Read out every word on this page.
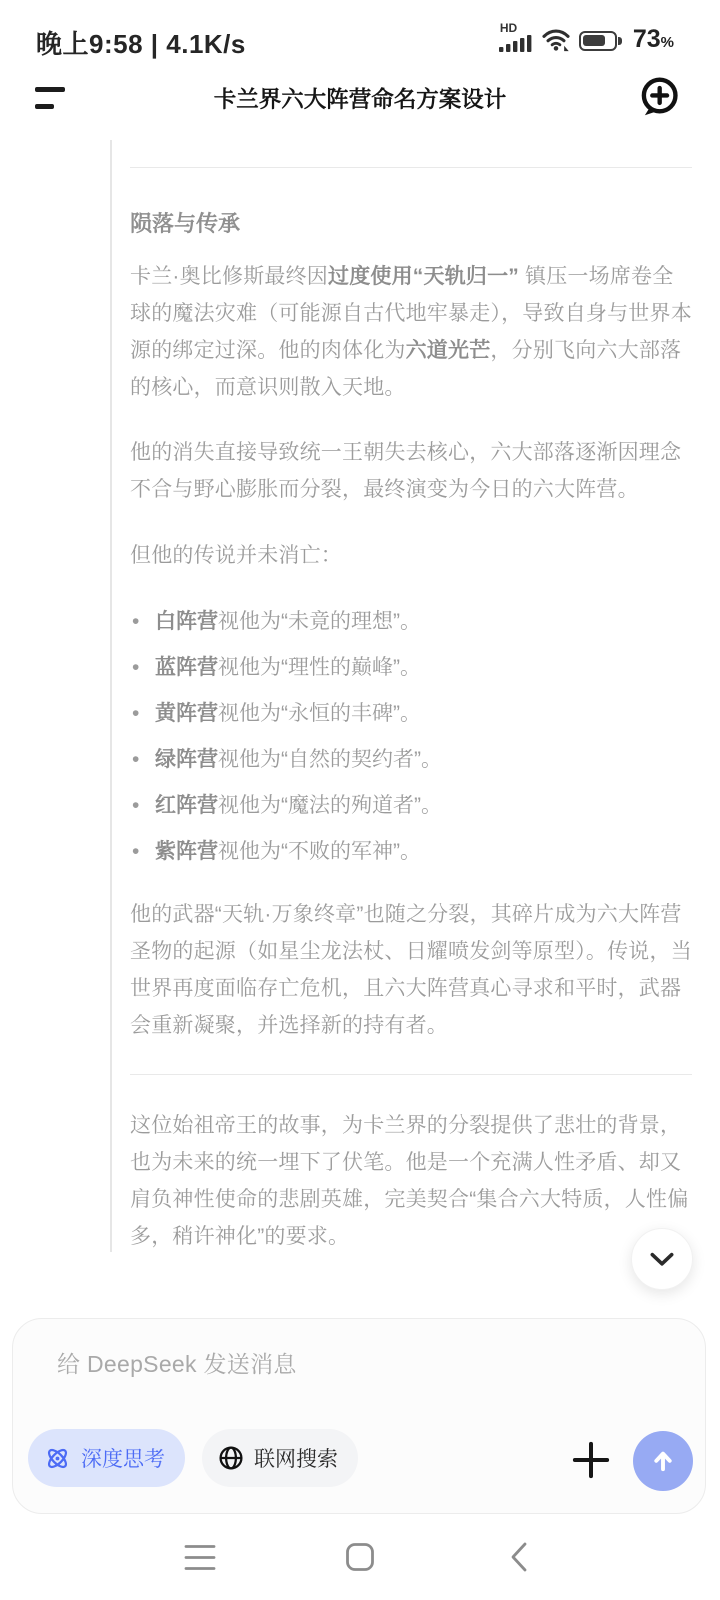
晚上9:58 | 4.1K/s
HD	73%
卡兰界六大阵营命名方案设计
陨落与传承

卡兰·奥比修斯最终因过度使用“天轨归一” 镇压一场席卷全球的魔法灾难（可能源自古代地牢暴走），导致自身与世界本源的绑定过深。他的肉体化为六道光芒，分别飞向六大部落的核心，而意识则散入天地。

他的消失直接导致统一王朝失去核心，六大部落逐渐因理念不合与野心膨胀而分裂，最终演变为今日的六大阵营。

但他的传说并未消亡：

• 白阵营视他为“未竟的理想”。
• 蓝阵营视他为“理性的巅峰”。
• 黄阵营视他为“永恒的丰碑”。
• 绿阵营视他为“自然的契约者”。
• 红阵营视他为“魔法的殉道者”。
• 紫阵营视他为“不败的军神”。

他的武器“天轨·万象终章”也随之分裂，其碎片成为六大阵营圣物的起源（如星尘龙法杖、日耀喷发剑等原型）。传说，当世界再度面临存亡危机，且六大阵营真心寻求和平时，武器会重新凝聚，并选择新的持有者。

这位始祖帝王的故事，为卡兰界的分裂提供了悲壮的背景，也为未来的统一埋下了伏笔。他是一个充满人性矛盾、却又肩负神性使命的悲剧英雄，完美契合“集合六大特质，人性偏多，稍许神化”的要求。

给 DeepSeek 发送消息
深度思考	联网搜索
